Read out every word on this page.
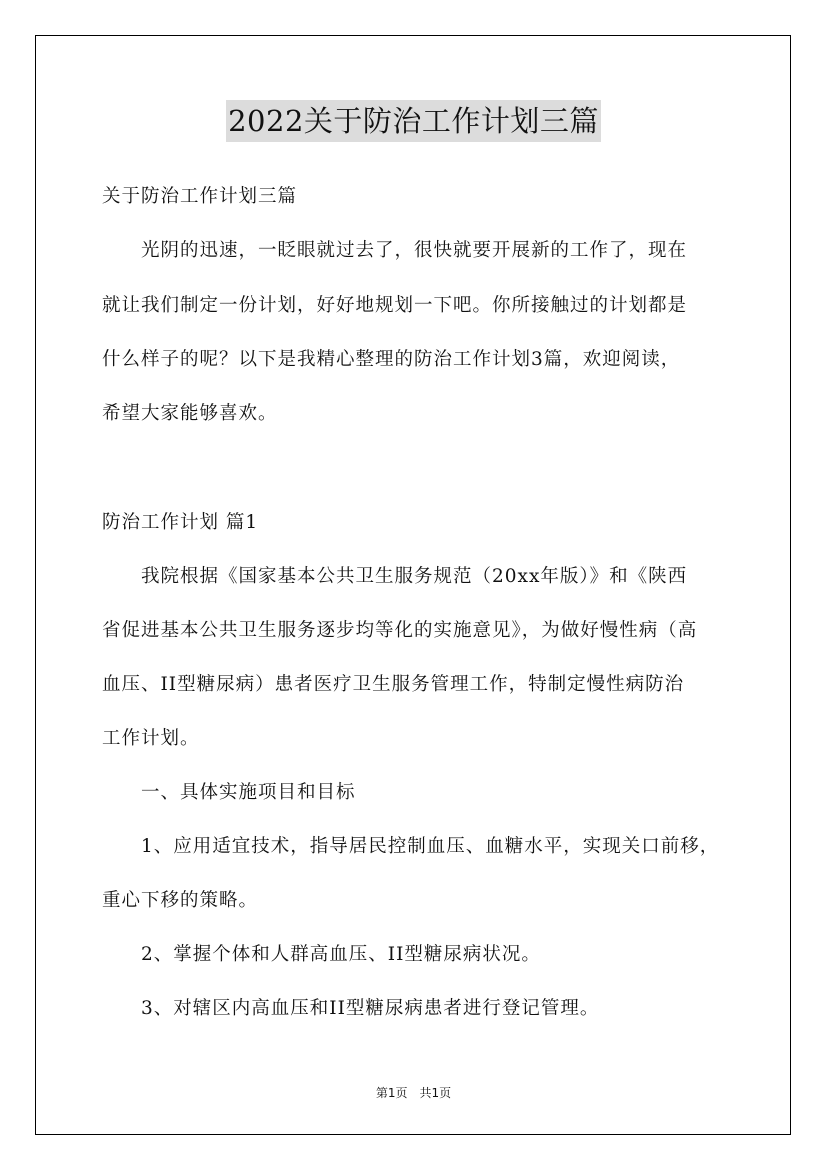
2022关于防治工作计划三篇
关于防治工作计划三篇
　　光阴的迅速，一眨眼就过去了，很快就要开展新的工作了，现在
就让我们制定一份计划，好好地规划一下吧。你所接触过的计划都是
什么样子的呢？以下是我精心整理的防治工作计划3篇，欢迎阅读，
希望大家能够喜欢。
防治工作计划 篇1
　　我院根据《国家基本公共卫生服务规范（20xx年版）》和《陕西
省促进基本公共卫生服务逐步均等化的实施意见》，为做好慢性病（高
血压、II型糖尿病）患者医疗卫生服务管理工作，特制定慢性病防治
工作计划。
　　一、具体实施项目和目标
　　1、应用适宜技术，指导居民控制血压、血糖水平，实现关口前移，
重心下移的策略。
　　2、掌握个体和人群高血压、II型糖尿病状况。
　　3、对辖区内高血压和II型糖尿病患者进行登记管理。
第1页　共1页
